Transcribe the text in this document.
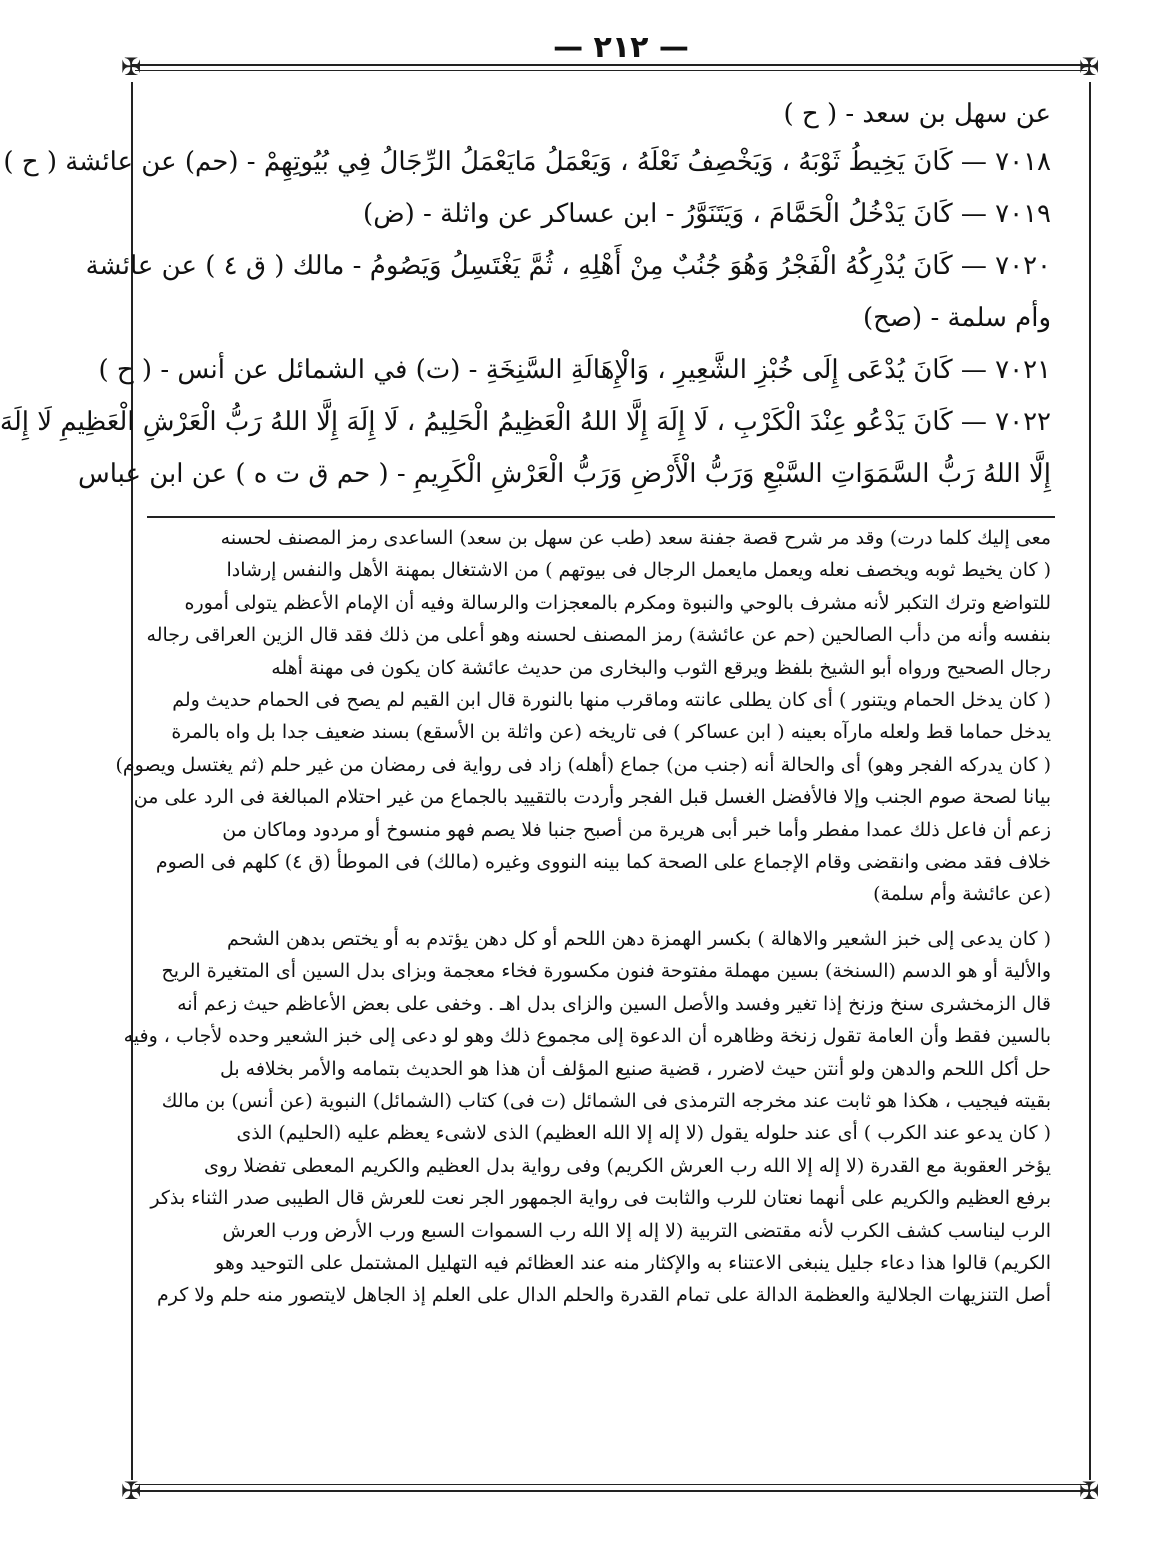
— ٢١٢ —
✠	✠
✠	✠
عن سهل بن سعد - ( ح )
٧٠١٨ — كَانَ يَخِيطُ ثَوْبَهُ ، وَيَخْصِفُ نَعْلَهُ ، وَيَعْمَلُ مَايَعْمَلُ الرِّجَالُ فِي بُيُوتِهِمْ - (حم) عن عائشة ( ح )
٧٠١٩ — كَانَ يَدْخُلُ الْحَمَّامَ ، وَيَتَنَوَّرُ - ابن عساكر عن واثلة - (ض)
٧٠٢٠ — كَانَ يُدْرِكُهُ الْفَجْرُ وَهُوَ جُنُبٌ مِنْ أَهْلِهِ ، ثُمَّ يَغْتَسِلُ وَيَصُومُ - مالك ( ق ٤ ) عن عائشة
وأم سلمة - (صح)
٧٠٢١ — كَانَ يُدْعَى إِلَى خُبْزِ الشَّعِيرِ ، وَالْإِهَالَةِ السَّنِخَةِ - (ت) في الشمائل عن أنس - ( ح )
٧٠٢٢ — كَانَ يَدْعُو عِنْدَ الْكَرْبِ ، لَا إِلَهَ إِلَّا اللهُ الْعَظِيمُ الْحَلِيمُ ، لَا إِلَهَ إِلَّا اللهُ رَبُّ الْعَرْشِ الْعَظِيمِ لَا إِلَهَ
إِلَّا اللهُ رَبُّ السَّمَوَاتِ السَّبْعِ وَرَبُّ الْأَرْضِ وَرَبُّ الْعَرْشِ الْكَرِيمِ - ( حم ق ت ه ) عن ابن عباس
معى إليك كلما درت) وقد مر شرح قصة جفنة سعد (طب عن سهل بن سعد) الساعدى رمز المصنف لحسنه
( كان يخيط ثوبه ويخصف نعله ويعمل مايعمل الرجال فى بيوتهم ) من الاشتغال بمهنة الأهل والنفس إرشادا
للتواضع وترك التكبر لأنه مشرف بالوحي والنبوة ومكرم بالمعجزات والرسالة وفيه أن الإمام الأعظم يتولى أموره
بنفسه وأنه من دأب الصالحين (حم عن عائشة) رمز المصنف لحسنه وهو أعلى من ذلك فقد قال الزين العراقى رجاله
رجال الصحيح ورواه أبو الشيخ بلفظ ويرقع الثوب والبخارى من حديث عائشة كان يكون فى مهنة أهله
( كان يدخل الحمام ويتنور ) أى كان يطلى عانته وماقرب منها بالنورة قال ابن القيم لم يصح فى الحمام حديث ولم
يدخل حماما قط ولعله مارآه بعينه ( ابن عساكر ) فى تاريخه (عن واثلة بن الأسقع) بسند ضعيف جدا بل واه بالمرة
( كان يدركه الفجر وهو) أى والحالة أنه (جنب من) جماع (أهله) زاد فى رواية فى رمضان من غير حلم (ثم يغتسل ويصوم)
بيانا لصحة صوم الجنب وإلا فالأفضل الغسل قبل الفجر وأردت بالتقييد بالجماع من غير احتلام المبالغة فى الرد على من
زعم أن فاعل ذلك عمدا مفطر وأما خبر أبى هريرة من أصبح جنبا فلا يصم فهو منسوخ أو مردود وماكان من
خلاف فقد مضى وانقضى وقام الإجماع على الصحة كما بينه النووى وغيره (مالك) فى الموطأ (ق ٤) كلهم فى الصوم
(عن عائشة وأم سلمة)
( كان يدعى إلى خبز الشعير والاهالة ) بكسر الهمزة دهن اللحم أو كل دهن يؤتدم به أو يختص بدهن الشحم
والألية أو هو الدسم (السنخة) بسين مهملة مفتوحة فنون مكسورة فخاء معجمة وبزاى بدل السين أى المتغيرة الريح
قال الزمخشرى سنخ وزنخ إذا تغير وفسد والأصل السين والزاى بدل اهـ . وخفى على بعض الأعاظم حيث زعم أنه
بالسين فقط وأن العامة تقول زنخة وظاهره أن الدعوة إلى مجموع ذلك وهو لو دعى إلى خبز الشعير وحده لأجاب ، وفيه
حل أكل اللحم والدهن ولو أنتن حيث لاضرر ، قضية صنيع المؤلف أن هذا هو الحديث بتمامه والأمر بخلافه بل
بقيته فيجيب ، هكذا هو ثابت عند مخرجه الترمذى فى الشمائل (ت فى) كتاب (الشمائل) النبوية (عن أنس) بن مالك
( كان يدعو عند الكرب ) أى عند حلوله يقول (لا إله إلا الله العظيم) الذى لاشىء يعظم عليه (الحليم) الذى
يؤخر العقوبة مع القدرة (لا إله إلا الله رب العرش الكريم) وفى رواية بدل العظيم والكريم المعطى تفضلا روى
برفع العظيم والكريم على أنهما نعتان للرب والثابت فى رواية الجمهور الجر نعت للعرش قال الطيبى صدر الثناء بذكر
الرب ليناسب كشف الكرب لأنه مقتضى التربية (لا إله إلا الله رب السموات السبع ورب الأرض ورب العرش
الكريم) قالوا هذا دعاء جليل ينبغى الاعتناء به والإكثار منه عند العظائم فيه التهليل المشتمل على التوحيد وهو
أصل التنزيهات الجلالية والعظمة الدالة على تمام القدرة والحلم الدال على العلم إذ الجاهل لايتصور منه حلم ولا كرم
